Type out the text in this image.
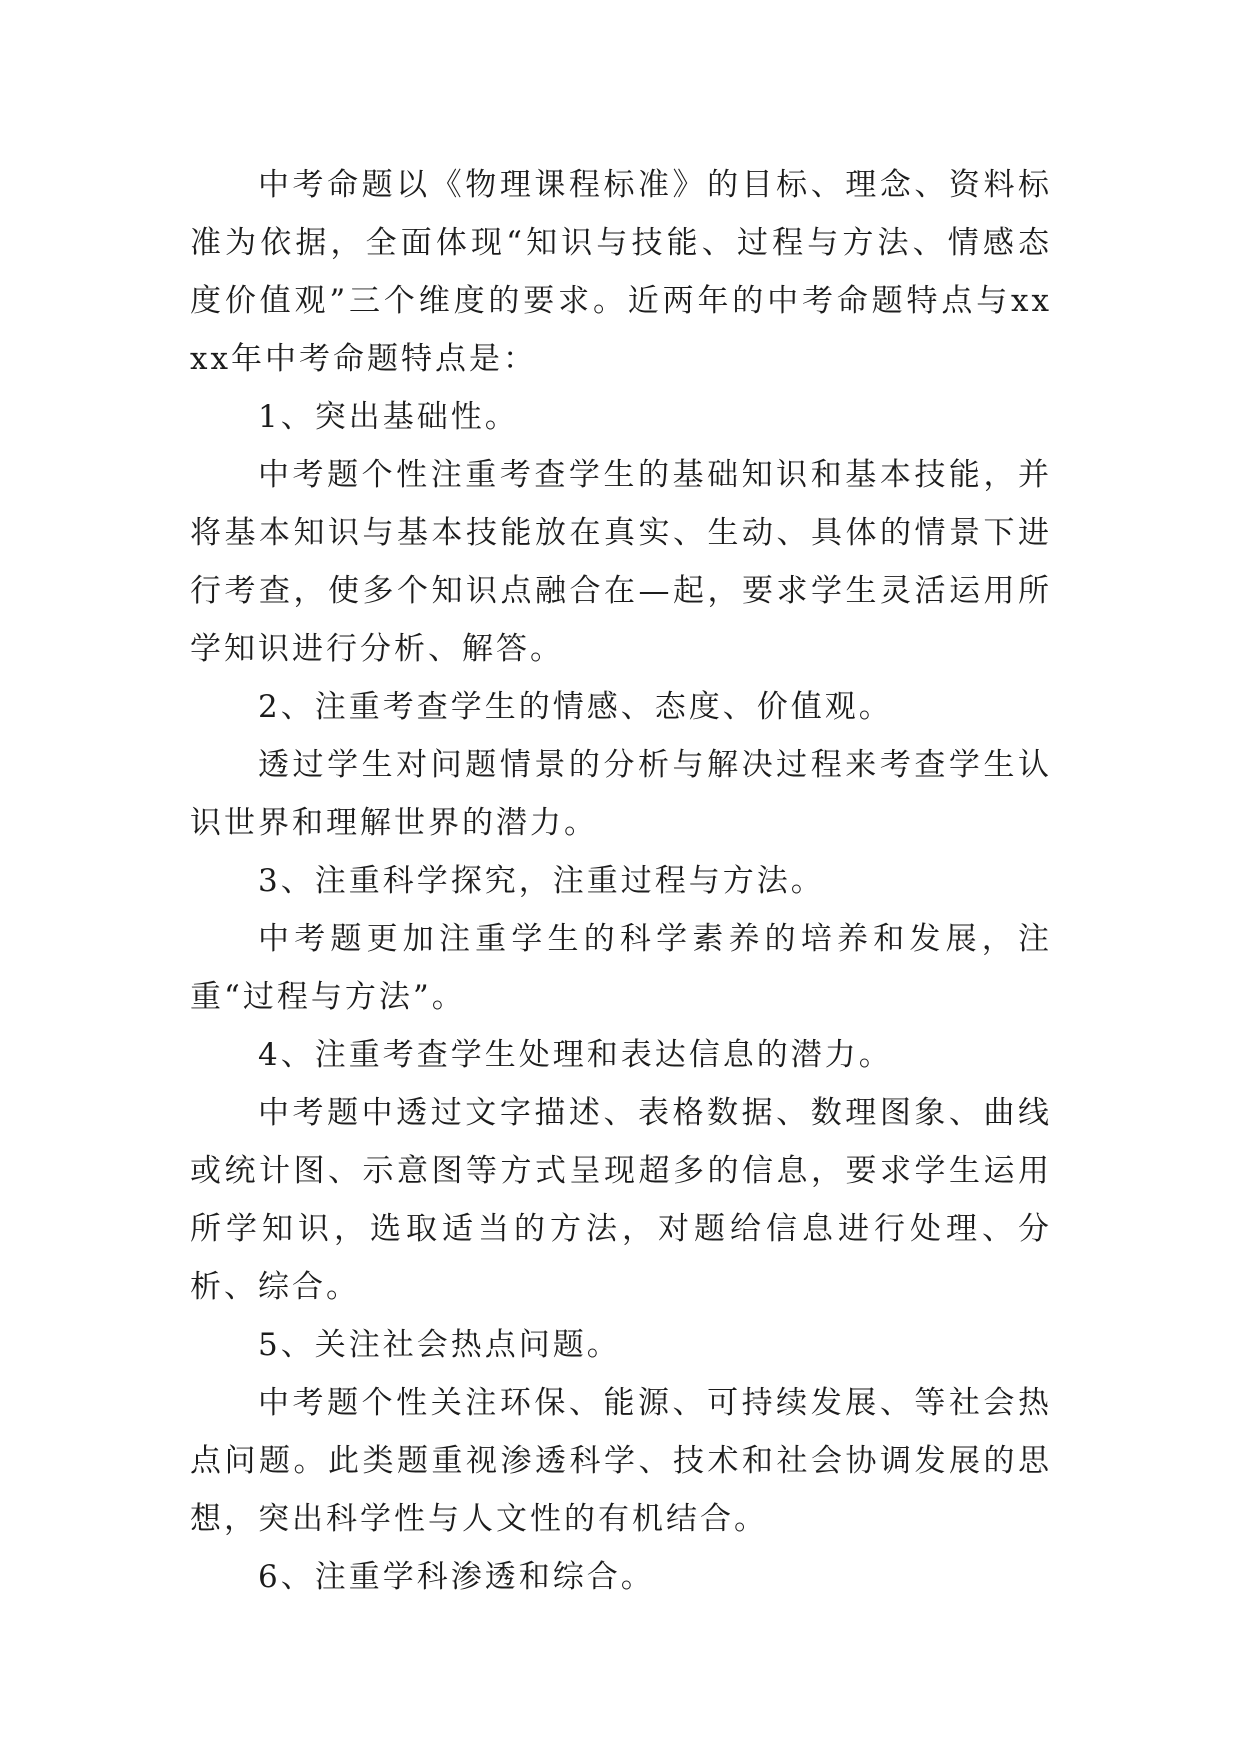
中考命题以《物理课程标准》的目标、理念、资料标准为依据，全面体现“知识与技能、过程与方法、情感态度价值观”三个维度的要求。近两年的中考命题特点与xxxx年中考命题特点是：

1、突出基础性。

中考题个性注重考查学生的基础知识和基本技能，并将基本知识与基本技能放在真实、生动、具体的情景下进行考查，使多个知识点融合在—起，要求学生灵活运用所学知识进行分析、解答。

2、注重考查学生的情感、态度、价值观。

透过学生对问题情景的分析与解决过程来考查学生认识世界和理解世界的潜力。

3、注重科学探究，注重过程与方法。

中考题更加注重学生的科学素养的培养和发展，注重“过程与方法”。

4、注重考查学生处理和表达信息的潜力。

中考题中透过文字描述、表格数据、数理图象、曲线或统计图、示意图等方式呈现超多的信息，要求学生运用所学知识，选取适当的方法，对题给信息进行处理、分析、综合。

5、关注社会热点问题。

中考题个性关注环保、能源、可持续发展、等社会热点问题。此类题重视渗透科学、技术和社会协调发展的思想，突出科学性与人文性的有机结合。

6、注重学科渗透和综合。
